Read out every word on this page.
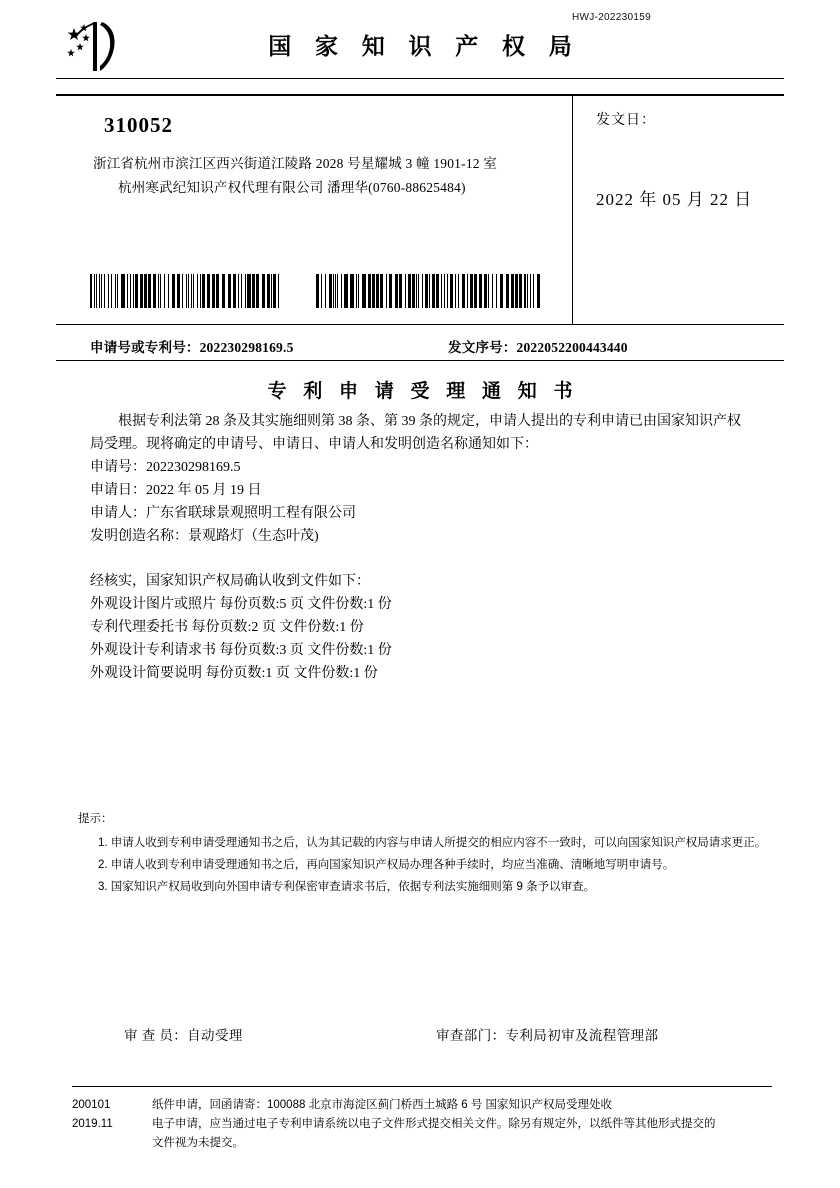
HWJ-202230159
国 家 知 识 产 权 局
310052
浙江省杭州市滨江区西兴街道江陵路 2028 号星耀城 3 幢 1901-12 室
杭州寒武纪知识产权代理有限公司 潘理华(0760-88625484)
发文日：
2022 年 05 月 22 日
申请号或专利号：202230298169.5	发文序号：2022052200443440
专 利 申 请 受 理 通 知 书

根据专利法第 28 条及其实施细则第 38 条、第 39 条的规定，申请人提出的专利申请已由国家知识产权局受理。现将确定的申请号、申请日、申请人和发明创造名称通知如下：

申请号：202230298169.5

申请日：2022 年 05 月 19 日

申请人：广东省联球景观照明工程有限公司

发明创造名称：景观路灯（生态叶茂)

经核实，国家知识产权局确认收到文件如下：

外观设计图片或照片 每份页数:5 页 文件份数:1 份

专利代理委托书 每份页数:2 页 文件份数:1 份

外观设计专利请求书 每份页数:3 页 文件份数:1 份

外观设计简要说明 每份页数:1 页 文件份数:1 份

提示：
1. 申请人收到专利申请受理通知书之后，认为其记载的内容与申请人所提交的相应内容不一致时，可以向国家知识产权局请求更正。
2. 申请人收到专利申请受理通知书之后，再向国家知识产权局办理各种手续时，均应当准确、清晰地写明申请号。
3. 国家知识产权局收到向外国申请专利保密审查请求书后，依据专利法实施细则第 9 条予以审查。
审 查 员：自动受理	审查部门：专利局初审及流程管理部
200101	纸件申请，回函请寄：100088 北京市海淀区蓟门桥西土城路 6 号 国家知识产权局受理处收
2019.11	电子申请，应当通过电子专利申请系统以电子文件形式提交相关文件。除另有规定外，以纸件等其他形式提交的
文件视为未提交。
